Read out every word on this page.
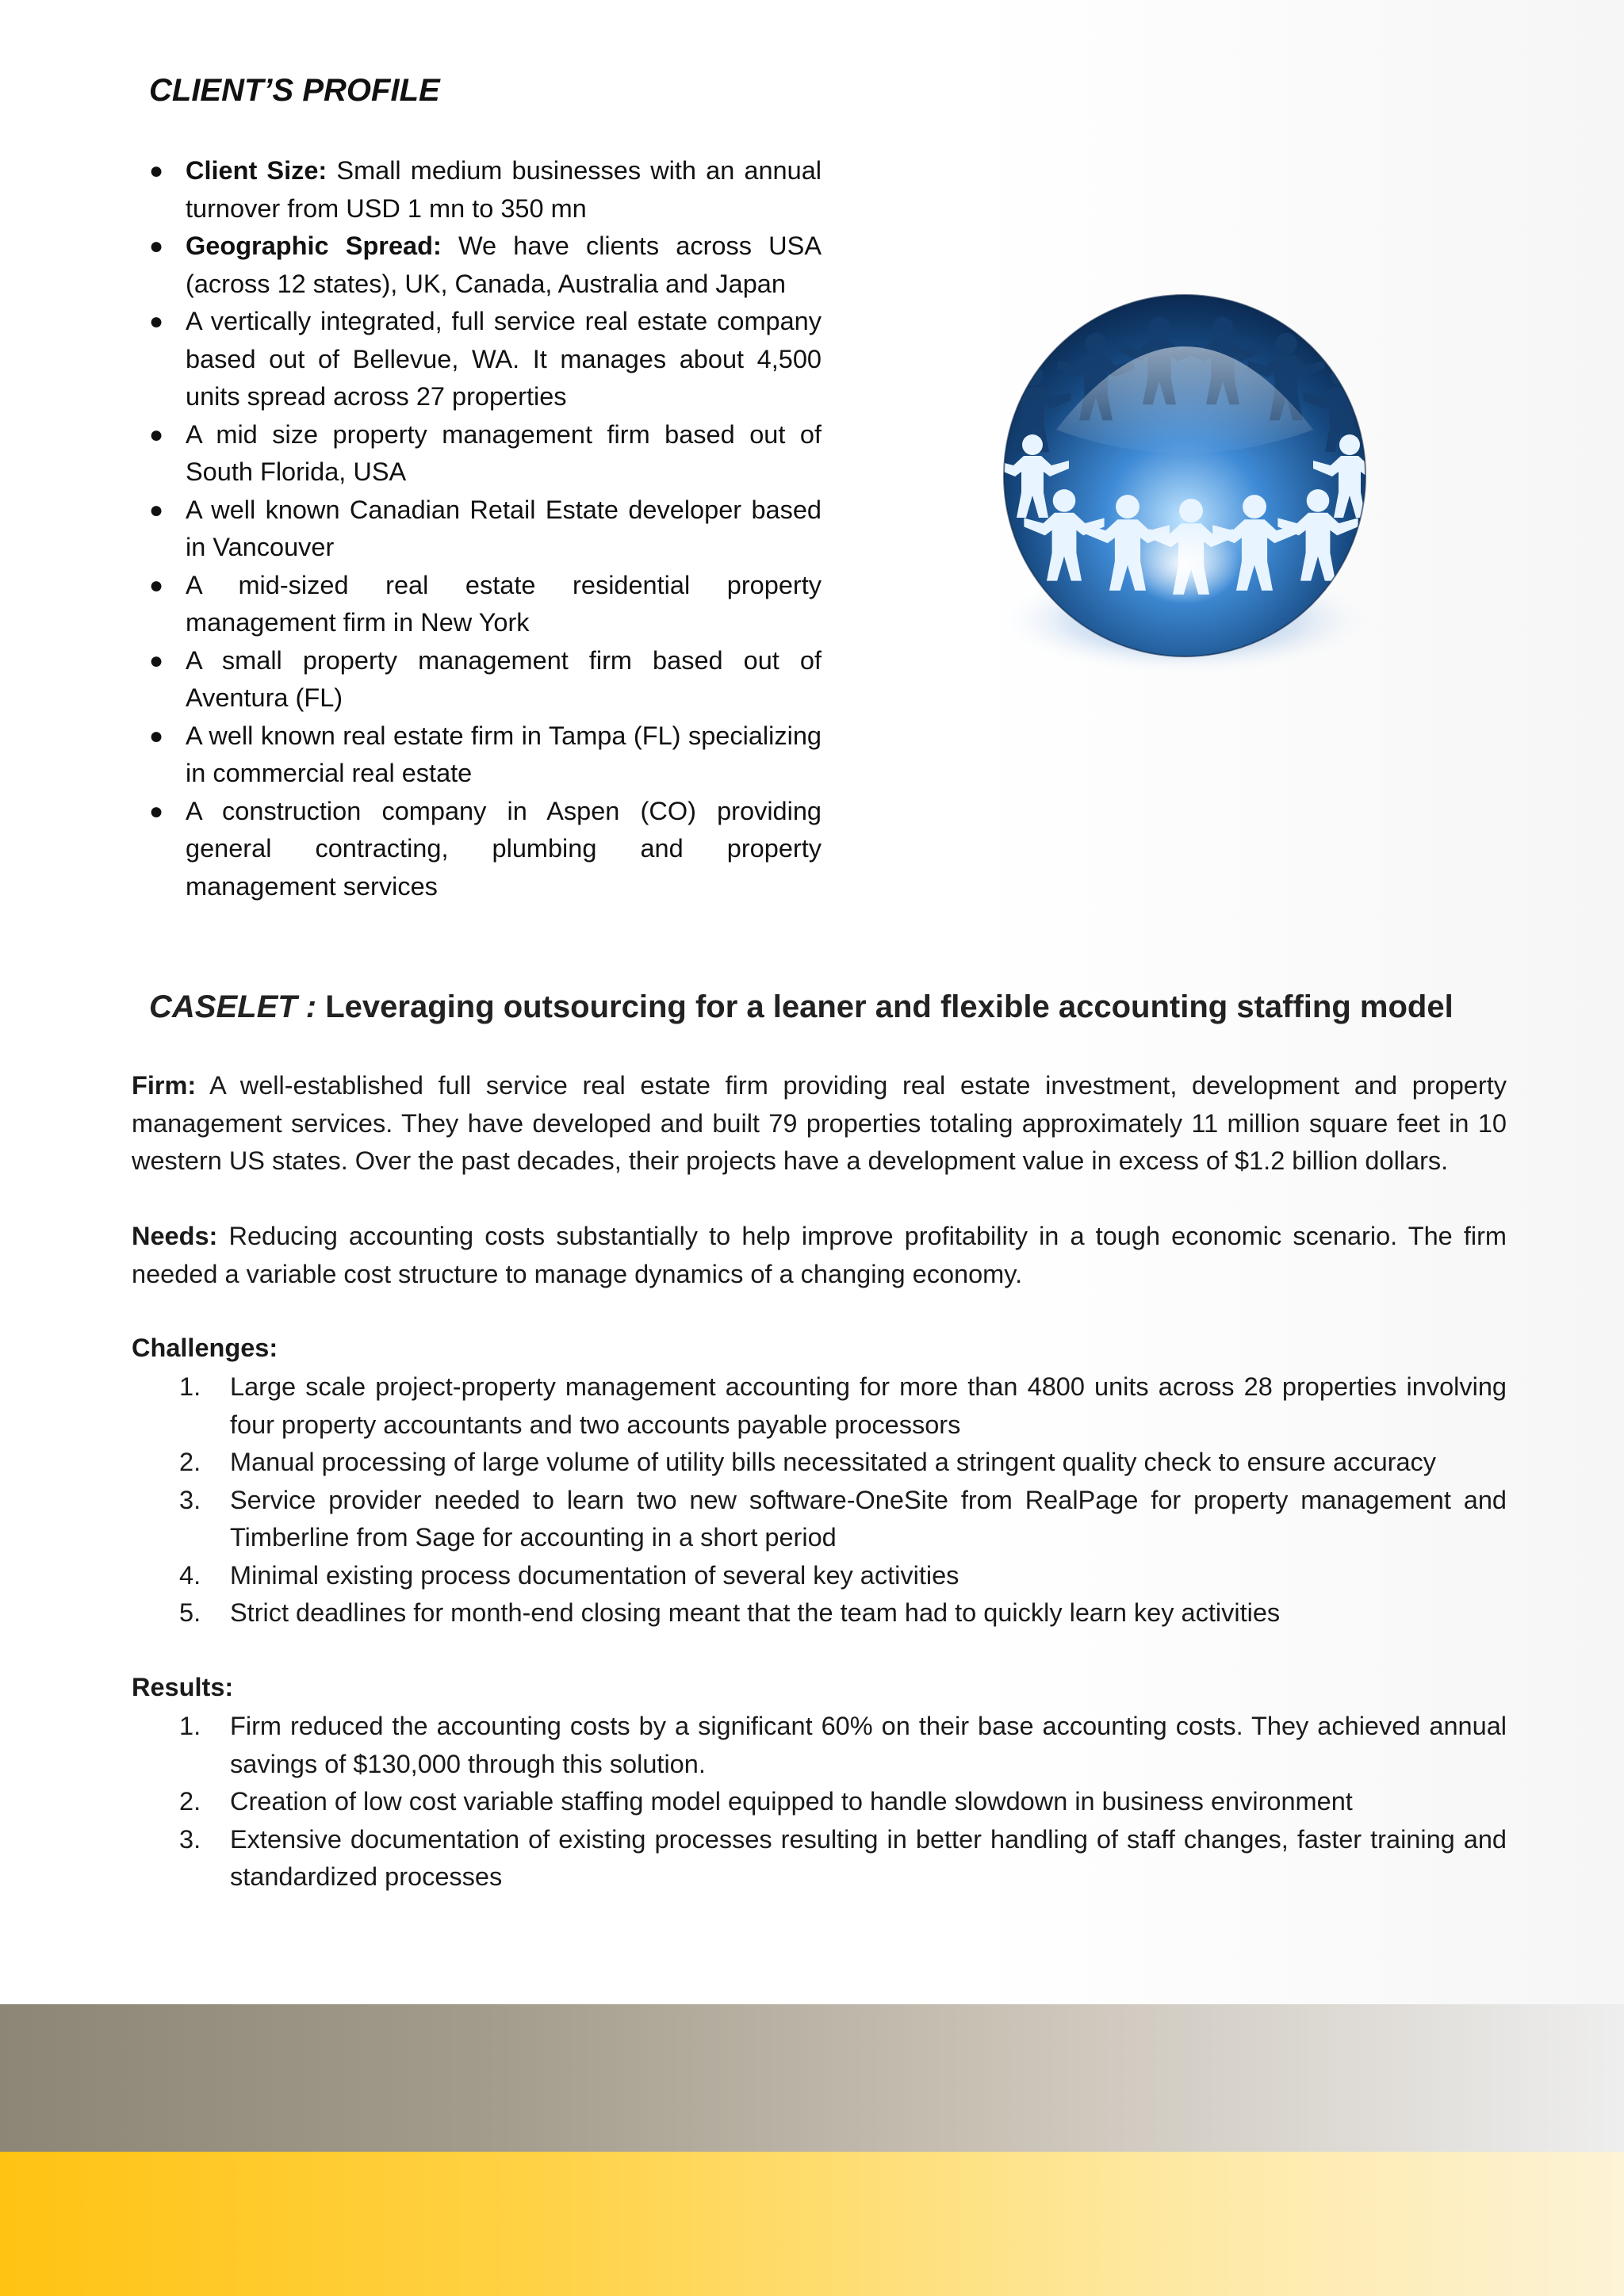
CLIENT’S PROFILE
● Client Size: Small medium businesses with an annual turnover from USD 1 mn to 350 mn
● Geographic Spread: We have clients across USA (across 12 states), UK, Canada, Australia and Japan
● A vertically integrated, full service real estate company based out of Bellevue, WA. It manages about 4,500 units spread across 27 properties
● A mid size property management firm based out of South Florida, USA
● A well known Canadian Retail Estate developer based in Vancouver
● A mid-sized real estate residential property management firm in New York
● A small property management firm based out of Aventura (FL)
● A well known real estate firm in Tampa (FL) specializing in commercial real estate
● A construction company in Aspen (CO) providing general contracting, plumbing and property management services
CASELET : Leveraging outsourcing for a leaner and flexible accounting staffing model

Firm: A well-established full service real estate firm providing real estate investment, development and property management services. They have developed and built 79 properties totaling approximately 11 million square feet in 10 western US states. Over the past decades, their projects have a development value in excess of $1.2 billion dollars.

Needs: Reducing accounting costs substantially to help improve profitability in a tough economic scenario. The firm needed a variable cost structure to manage dynamics of a changing economy.

Challenges:

1. Large scale project-property management accounting for more than 4800 units across 28 properties involving four property accountants and two accounts payable processors
2. Manual processing of large volume of utility bills necessitated a stringent quality check to ensure accuracy
3. Service provider needed to learn two new software-OneSite from RealPage for property management and Timberline from Sage for accounting in a short period
4. Minimal existing process documentation of several key activities
5. Strict deadlines for month-end closing meant that the team had to quickly learn key activities

Results:

1. Firm reduced the accounting costs by a significant 60% on their base accounting costs. They achieved annual savings of $130,000 through this solution.
2. Creation of low cost variable staffing model equipped to handle slowdown in business environment
3. Extensive documentation of existing processes resulting in better handling of staff changes, faster training and standardized processes
